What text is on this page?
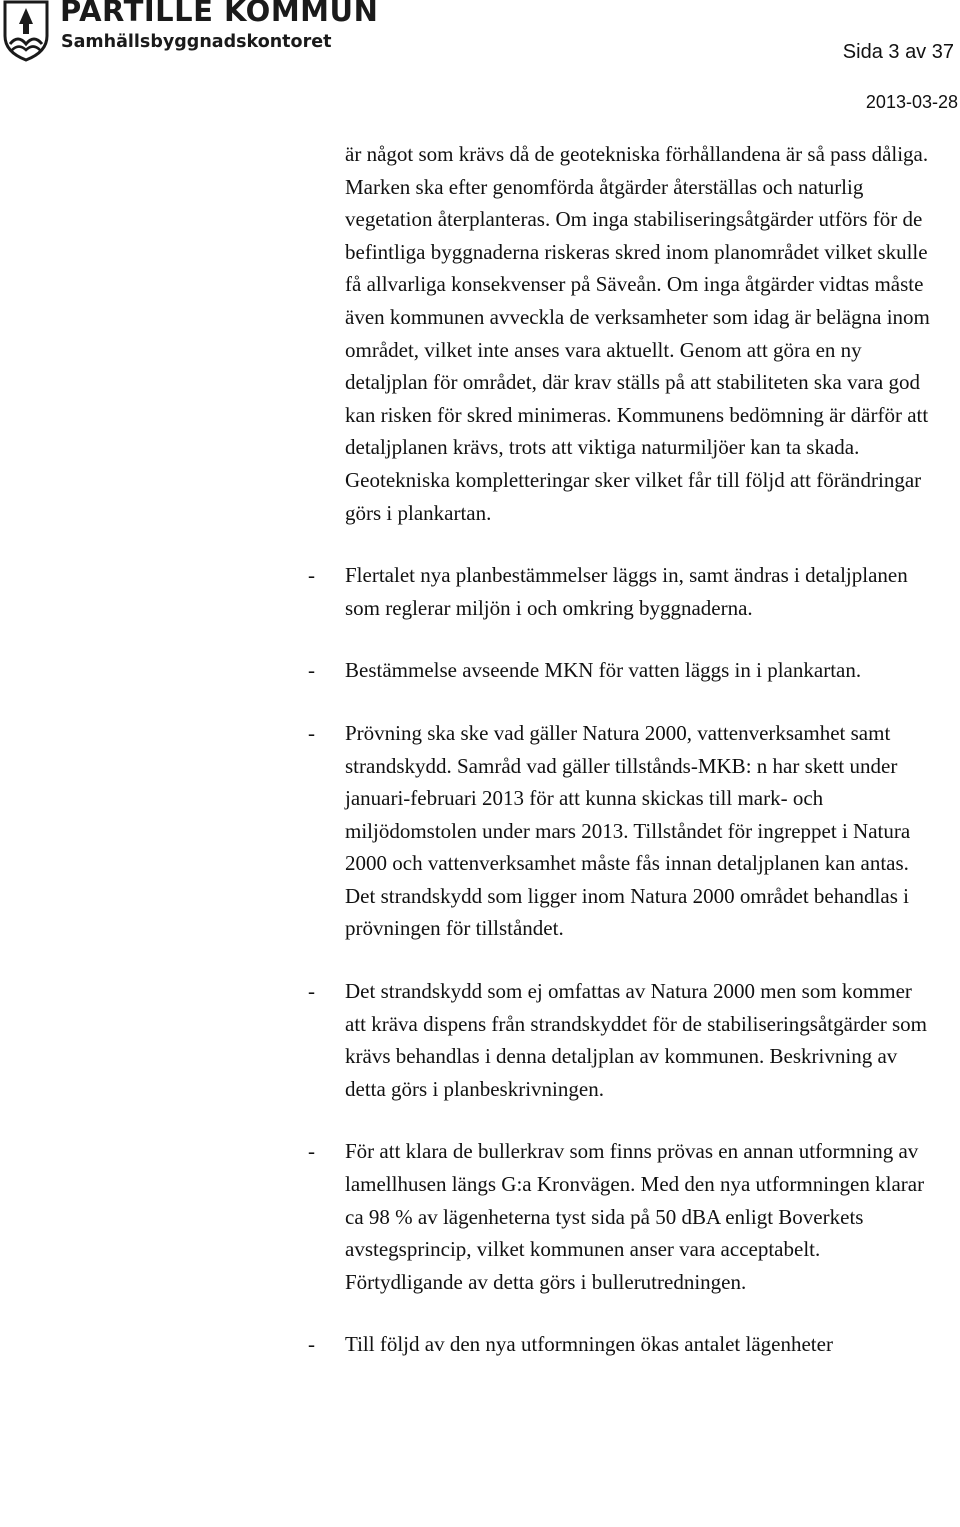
PARTILLE KOMMUN
Samhällsbyggnadskontoret	Sida 3 av 37
2013-03-28

är något som krävs då de geotekniska förhållandena är så pass dåliga. Marken ska efter genomförda åtgärder återställas och naturlig vegetation återplanteras. Om inga stabiliseringsåtgärder utförs för de befintliga byggnaderna riskeras skred inom planområdet vilket skulle få allvarliga konsekvenser på Säveån. Om inga åtgärder vidtas måste även kommunen avveckla de verksamheter som idag är belägna inom området, vilket inte anses vara aktuellt. Genom att göra en ny detaljplan för området, där krav ställs på att stabiliteten ska vara god kan risken för skred minimeras. Kommunens bedömning är därför att detaljplanen krävs, trots att viktiga naturmiljöer kan ta skada. Geotekniska kompletteringar sker vilket får till följd att förändringar görs i plankartan.

- Flertalet nya planbestämmelser läggs in, samt ändras i detaljplanen som reglerar miljön i och omkring byggnaderna.
- Bestämmelse avseende MKN för vatten läggs in i plankartan.
- Prövning ska ske vad gäller Natura 2000, vattenverksamhet samt strandskydd. Samråd vad gäller tillstånds-MKB: n har skett under januari-februari 2013 för att kunna skickas till mark- och miljödomstolen under mars 2013. Tillståndet för ingreppet i Natura 2000 och vattenverksamhet måste fås innan detaljplanen kan antas. Det strandskydd som ligger inom Natura 2000 området behandlas i prövningen för tillståndet.
- Det strandskydd som ej omfattas av Natura 2000 men som kommer att kräva dispens från strandskyddet för de stabiliseringsåtgärder som krävs behandlas i denna detaljplan av kommunen. Beskrivning av detta görs i planbeskrivningen.
- För att klara de bullerkrav som finns prövas en annan utformning av lamellhusen längs G:a Kronvägen. Med den nya utformningen klarar ca 98 % av lägenheterna tyst sida på 50 dBA enligt Boverkets avstegsprincip, vilket kommunen anser vara acceptabelt. Förtydligande av detta görs i bullerutredningen.
- Till följd av den nya utformningen ökas antalet lägenheter
